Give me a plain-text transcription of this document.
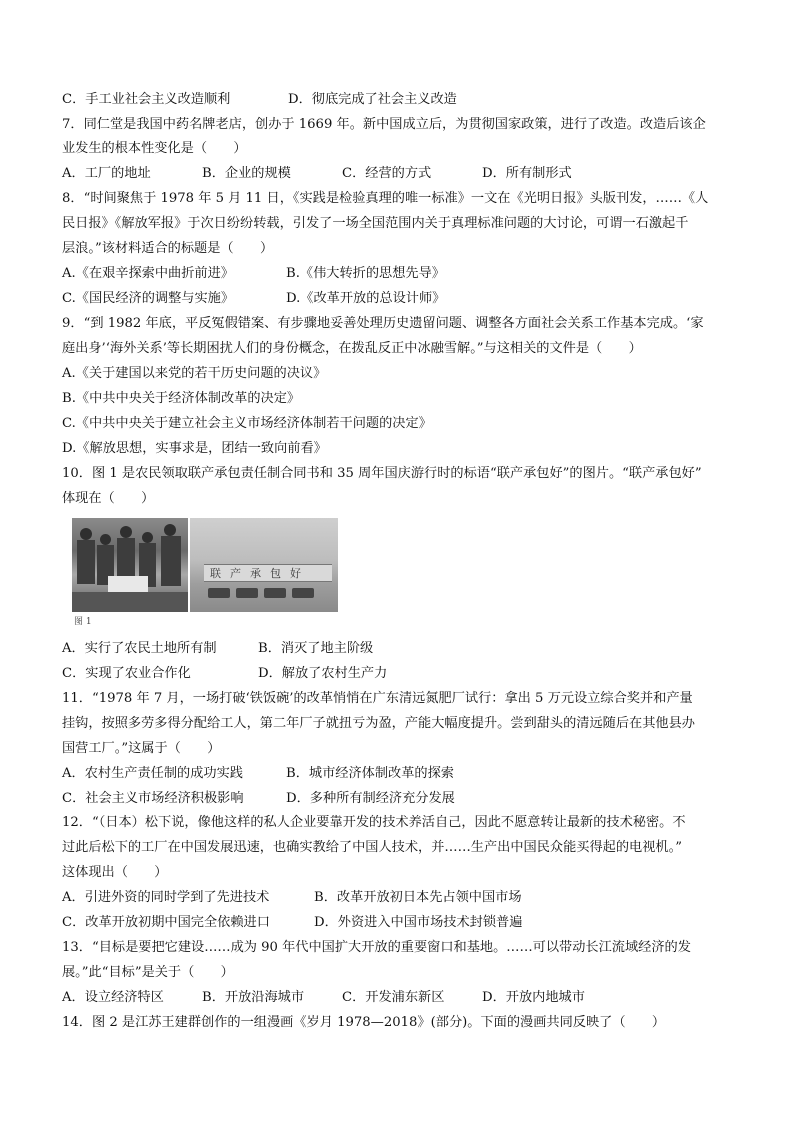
C．手工业社会主义改造顺利	D．彻底完成了社会主义改造
7．同仁堂是我国中药名牌老店，创办于 1669 年。新中国成立后，为贯彻国家政策，进行了改造。改造后该企
业发生的根本性变化是（　　）
A．工厂的地址	B．企业的规模	C．经营的方式	D．所有制形式
8．“时间聚焦于 1978 年 5 月 11 日，《实践是检验真理的唯一标准》一文在《光明日报》头版刊发，……《人
民日报》《解放军报》于次日纷纷转载，引发了一场全国范围内关于真理标准问题的大讨论，可谓一石激起千
层浪。”该材料适合的标题是（　　）
A.《在艰辛探索中曲折前进》	B.《伟大转折的思想先导》
C.《国民经济的调整与实施》	D.《改革开放的总设计师》
9．“到 1982 年底，平反冤假错案、有步骤地妥善处理历史遗留问题、调整各方面社会关系工作基本完成。‘家
庭出身’‘海外关系’等长期困扰人们的身份概念，在拨乱反正中冰融雪解。”与这相关的文件是（　　）
A.《关于建国以来党的若干历史问题的决议》
B.《中共中央关于经济体制改革的决定》
C.《中共中央关于建立社会主义市场经济体制若干问题的决定》
D.《解放思想，实事求是，团结一致向前看》
10．图 1 是农民领取联产承包责任制合同书和 35 周年国庆游行时的标语“联产承包好”的图片。“联产承包好”
体现在（　　）
联产承包好
图 1
A．实行了农民土地所有制	B．消灭了地主阶级
C．实现了农业合作化	D．解放了农村生产力
11．“1978 年 7 月，一场打破‘铁饭碗’的改革悄悄在广东清远氮肥厂试行：拿出 5 万元设立综合奖并和产量
挂钩，按照多劳多得分配给工人，第二年厂子就扭亏为盈，产能大幅度提升。尝到甜头的清远随后在其他县办
国营工厂。”这属于（　　）
A．农村生产责任制的成功实践	B．城市经济体制改革的探索
C．社会主义市场经济积极影响	D．多种所有制经济充分发展
12．“（日本）松下说，像他这样的私人企业要靠开发的技术养活自己，因此不愿意转让最新的技术秘密。不
过此后松下的工厂在中国发展迅速，也确实教给了中国人技术，并……生产出中国民众能买得起的电视机。”
这体现出（　　）
A．引进外资的同时学到了先进技术	B．改革开放初日本先占领中国市场
C．改革开放初期中国完全依赖进口	D．外资进入中国市场技术封锁普遍
13．“目标是要把它建设……成为 90 年代中国扩大开放的重要窗口和基地。……可以带动长江流域经济的发
展。”此“目标”是关于（　　）
A．设立经济特区	B．开放沿海城市	C．开发浦东新区	D．开放内地城市
14．图 2 是江苏王建群创作的一组漫画《岁月 1978—2018》(部分)。下面的漫画共同反映了（　　）
